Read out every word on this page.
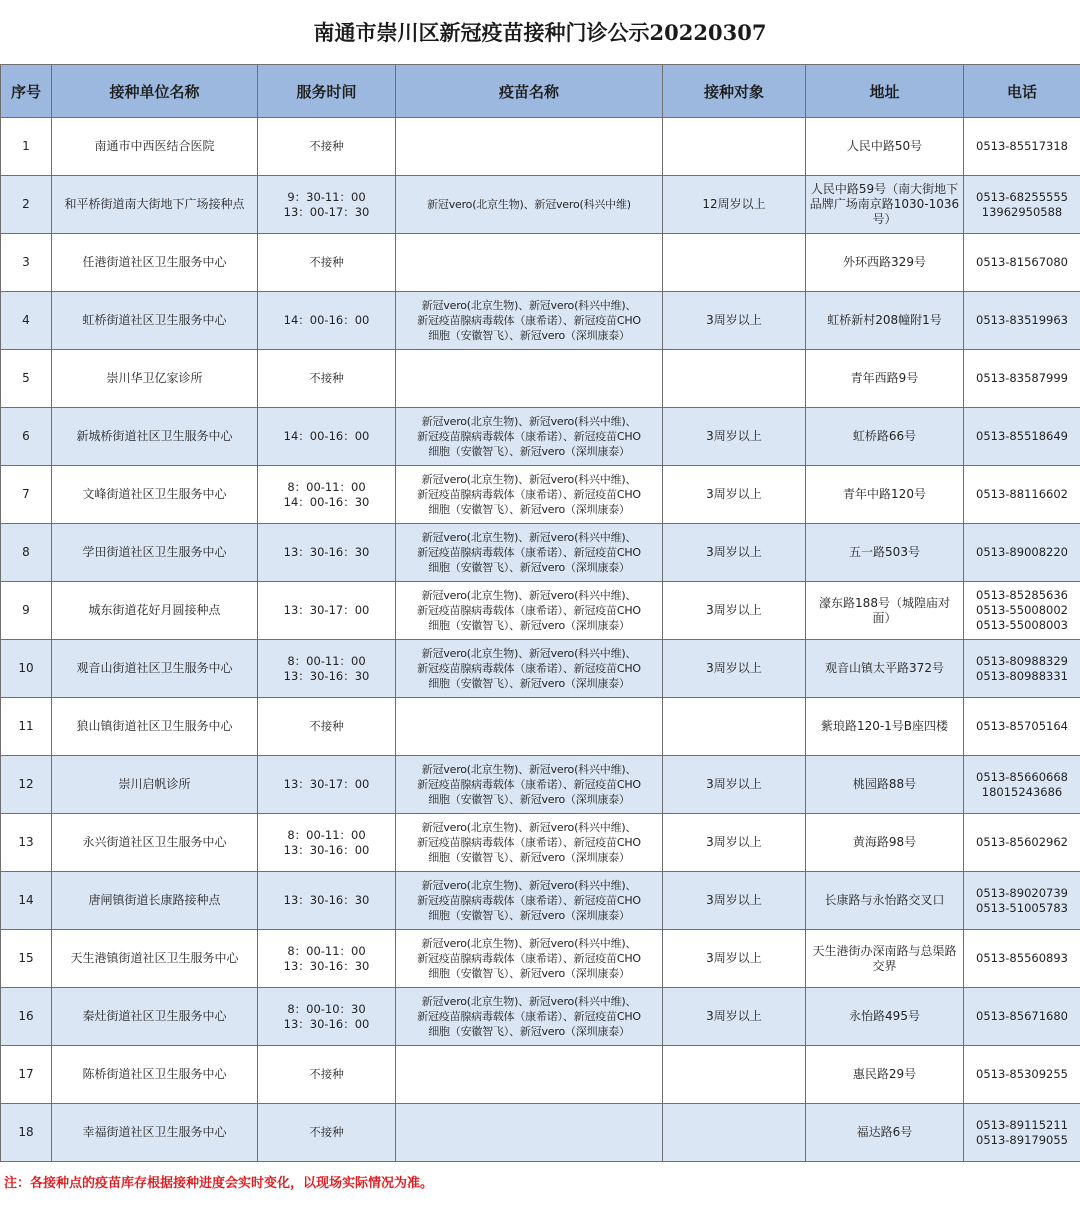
南通市崇川区新冠疫苗接种门诊公示20220307
序号	接种单位名称	服务时间	疫苗名称	接种对象	地址	电话
1	南通市中西医结合医院	不接种			人民中路50号	0513-85517318

2	和平桥街道南大街地下广场接种点	9：30-11：00
13：00-17：30	新冠vero(北京生物)、新冠vero(科兴中维)	12周岁以上	人民中路59号（南大街地下
品牌广场南京路1030-1036
号）	0513-68255555
13962950588

3	任港街道社区卫生服务中心	不接种			外环西路329号	0513-81567080

4	虹桥街道社区卫生服务中心	14：00-16：00	新冠vero(北京生物)、新冠vero(科兴中维)、
新冠疫苗腺病毒载体（康希诺）、新冠疫苗CHO
细胞（安徽智飞）、新冠vero（深圳康泰）	3周岁以上	虹桥新村208幢附1号	0513-83519963

5	崇川华卫亿家诊所	不接种			青年西路9号	0513-83587999

6	新城桥街道社区卫生服务中心	14：00-16：00	新冠vero(北京生物)、新冠vero(科兴中维)、
新冠疫苗腺病毒载体（康希诺）、新冠疫苗CHO
细胞（安徽智飞）、新冠vero（深圳康泰）	3周岁以上	虹桥路66号	0513-85518649

7	文峰街道社区卫生服务中心	8：00-11：00
14：00-16：30	新冠vero(北京生物)、新冠vero(科兴中维)、
新冠疫苗腺病毒载体（康希诺）、新冠疫苗CHO
细胞（安徽智飞）、新冠vero（深圳康泰）	3周岁以上	青年中路120号	0513-88116602

8	学田街道社区卫生服务中心	13：30-16：30	新冠vero(北京生物)、新冠vero(科兴中维)、
新冠疫苗腺病毒载体（康希诺）、新冠疫苗CHO
细胞（安徽智飞）、新冠vero（深圳康泰）	3周岁以上	五一路503号	0513-89008220

9	城东街道花好月圆接种点	13：30-17：00	新冠vero(北京生物)、新冠vero(科兴中维)、
新冠疫苗腺病毒载体（康希诺）、新冠疫苗CHO
细胞（安徽智飞）、新冠vero（深圳康泰）	3周岁以上	濠东路188号（城隍庙对
面）	0513-85285636
0513-55008002
0513-55008003

10	观音山街道社区卫生服务中心	8：00-11：00
13：30-16：30	新冠vero(北京生物)、新冠vero(科兴中维)、
新冠疫苗腺病毒载体（康希诺）、新冠疫苗CHO
细胞（安徽智飞）、新冠vero（深圳康泰）	3周岁以上	观音山镇太平路372号	0513-80988329
0513-80988331

11	狼山镇街道社区卫生服务中心	不接种			紫琅路120-1号B座四楼	0513-85705164

12	崇川启帆诊所	13：30-17：00	新冠vero(北京生物)、新冠vero(科兴中维)、
新冠疫苗腺病毒载体（康希诺）、新冠疫苗CHO
细胞（安徽智飞）、新冠vero（深圳康泰）	3周岁以上	桃园路88号	0513-85660668
18015243686

13	永兴街道社区卫生服务中心	8：00-11：00
13：30-16：00	新冠vero(北京生物)、新冠vero(科兴中维)、
新冠疫苗腺病毒载体（康希诺）、新冠疫苗CHO
细胞（安徽智飞）、新冠vero（深圳康泰）	3周岁以上	黄海路98号	0513-85602962

14	唐闸镇街道长康路接种点	13：30-16：30	新冠vero(北京生物)、新冠vero(科兴中维)、
新冠疫苗腺病毒载体（康希诺）、新冠疫苗CHO
细胞（安徽智飞）、新冠vero（深圳康泰）	3周岁以上	长康路与永怡路交叉口	0513-89020739
0513-51005783

15	天生港镇街道社区卫生服务中心	8：00-11：00
13：30-16：30	新冠vero(北京生物)、新冠vero(科兴中维)、
新冠疫苗腺病毒载体（康希诺）、新冠疫苗CHO
细胞（安徽智飞）、新冠vero（深圳康泰）	3周岁以上	天生港街办深南路与总渠路
交界	0513-85560893

16	秦灶街道社区卫生服务中心	8：00-10：30
13：30-16：00	新冠vero(北京生物)、新冠vero(科兴中维)、
新冠疫苗腺病毒载体（康希诺）、新冠疫苗CHO
细胞（安徽智飞）、新冠vero（深圳康泰）	3周岁以上	永怡路495号	0513-85671680

17	陈桥街道社区卫生服务中心	不接种			惠民路29号	0513-85309255

18	幸福街道社区卫生服务中心	不接种			福达路6号	0513-89115211
0513-89179055
注：各接种点的疫苗库存根据接种进度会实时变化，以现场实际情况为准。
